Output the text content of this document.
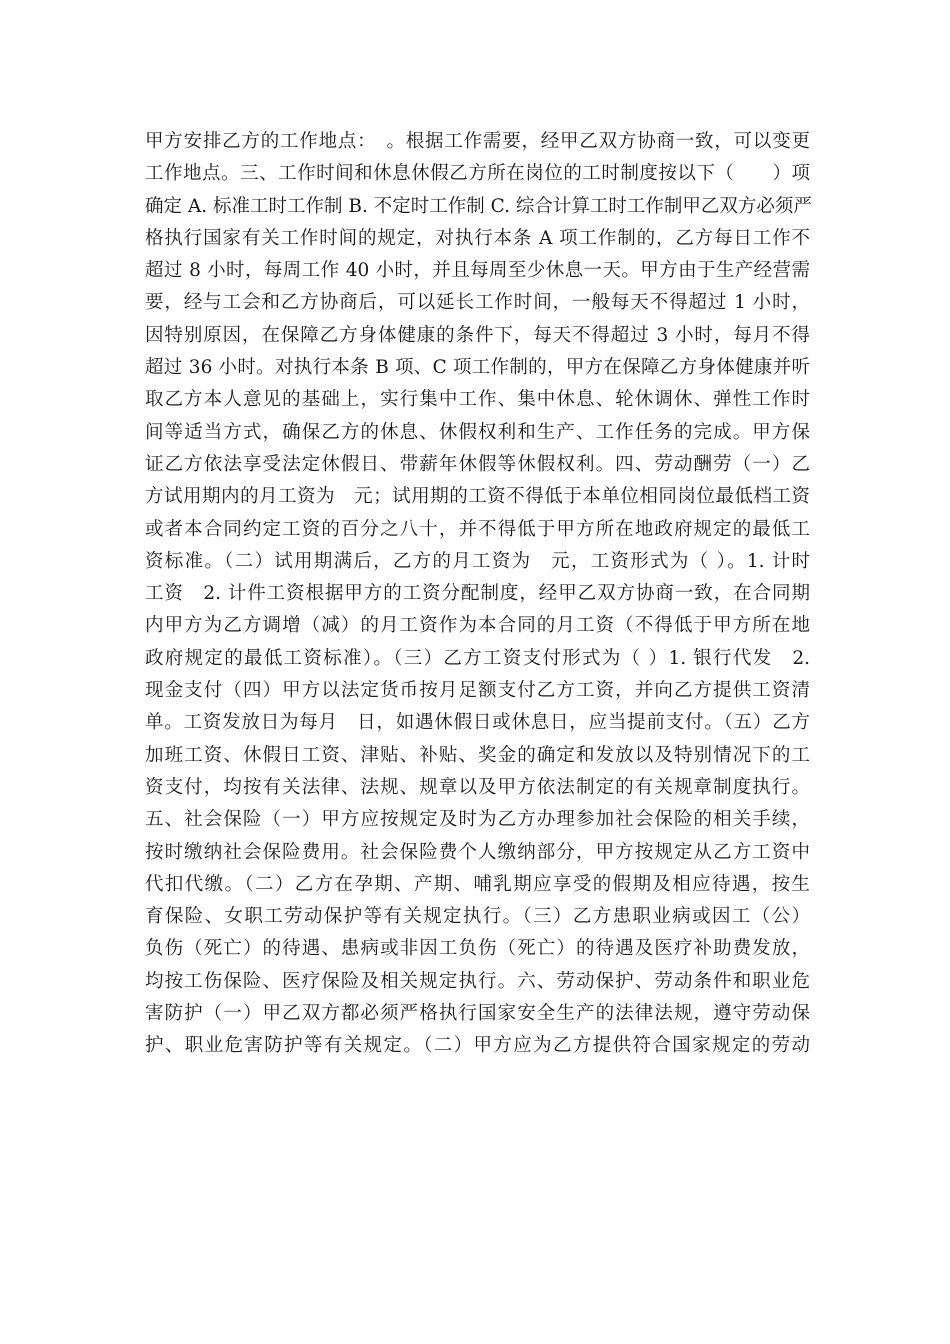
甲方安排乙方的工作地点：　。根据工作需要，经甲乙双方协商一致，可以变更
工作地点。三、工作时间和休息休假乙方所在岗位的工时制度按以下（　　）项
确定 A. 标准工时工作制 B. 不定时工作制 C. 综合计算工时工作制甲乙双方必须严
格执行国家有关工作时间的规定，对执行本条 A 项工作制的，乙方每日工作不
超过 8 小时，每周工作 40 小时，并且每周至少休息一天。甲方由于生产经营需
要，经与工会和乙方协商后，可以延长工作时间，一般每天不得超过 1 小时，
因特别原因，在保障乙方身体健康的条件下，每天不得超过 3 小时，每月不得
超过 36 小时。对执行本条 B 项、C 项工作制的，甲方在保障乙方身体健康并听
取乙方本人意见的基础上，实行集中工作、集中休息、轮休调休、弹性工作时
间等适当方式，确保乙方的休息、休假权利和生产、工作任务的完成。甲方保
证乙方依法享受法定休假日、带薪年休假等休假权利。四、劳动酬劳（一）乙
方试用期内的月工资为　元；试用期的工资不得低于本单位相同岗位最低档工资
或者本合同约定工资的百分之八十，并不得低于甲方所在地政府规定的最低工
资标准。（二）试用期满后，乙方的月工资为　元，工资形式为（ ）。1. 计时
工资　2. 计件工资根据甲方的工资分配制度，经甲乙双方协商一致，在合同期
内甲方为乙方调增（减）的月工资作为本合同的月工资（不得低于甲方所在地
政府规定的最低工资标准）。（三）乙方工资支付形式为（ ）1. 银行代发　2.
现金支付（四）甲方以法定货币按月足额支付乙方工资，并向乙方提供工资清
单。工资发放日为每月　日，如遇休假日或休息日，应当提前支付。（五）乙方
加班工资、休假日工资、津贴、补贴、奖金的确定和发放以及特别情况下的工
资支付，均按有关法律、法规、规章以及甲方依法制定的有关规章制度执行。
五、社会保险（一）甲方应按规定及时为乙方办理参加社会保险的相关手续，
按时缴纳社会保险费用。社会保险费个人缴纳部分，甲方按规定从乙方工资中
代扣代缴。（二）乙方在孕期、产期、哺乳期应享受的假期及相应待遇，按生
育保险、女职工劳动保护等有关规定执行。（三）乙方患职业病或因工（公）
负伤（死亡）的待遇、患病或非因工负伤（死亡）的待遇及医疗补助费发放，
均按工伤保险、医疗保险及相关规定执行。六、劳动保护、劳动条件和职业危
害防护（一）甲乙双方都必须严格执行国家安全生产的法律法规，遵守劳动保
护、职业危害防护等有关规定。（二）甲方应为乙方提供符合国家规定的劳动
